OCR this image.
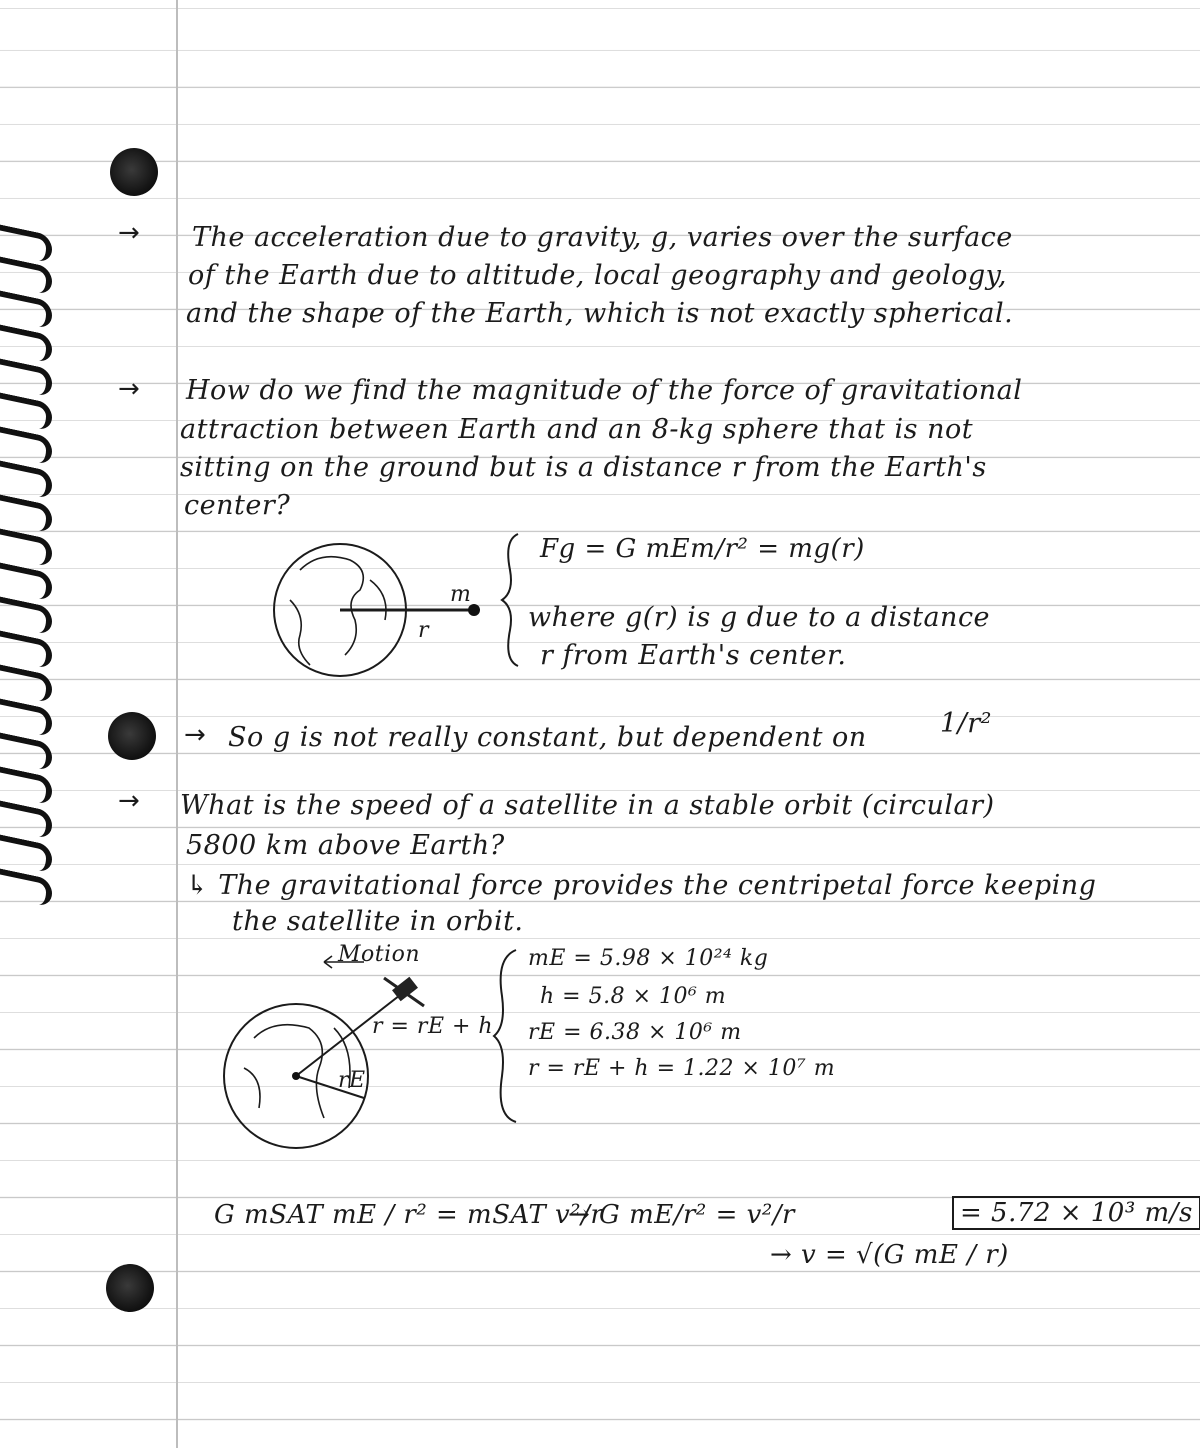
→ The acceleration due to gravity, g, varies over the surface
of the Earth due to altitude, local geography and geology,
and the shape of the Earth, which is not exactly spherical.
→ How do we find the magnitude of the force of gravitational
attraction between Earth and an 8-kg sphere that is not
sitting on the ground but is a distance r from the Earth's
center?
m
r
Fg = G mEm/r² = mg(r)
where g(r) is g due to a distance
r from Earth's center.
→ So g is not really constant, but dependent on	1/r²
→ What is the speed of a satellite in a stable orbit (circular)
5800 km above Earth?
↳ The gravitational force provides the centripetal force keeping
the satellite in orbit.
Motion
r = rE + h
rE
mE = 5.98 × 10²⁴ kg
h = 5.8 × 10⁶ m
rE = 6.38 × 10⁶ m
r = rE + h = 1.22 × 10⁷ m
G mSAT mE / r² = mSAT v²/r
→ G mE/r² = v²/r
→ v = √(G mE / r)
= 5.72 × 10³ m/s
